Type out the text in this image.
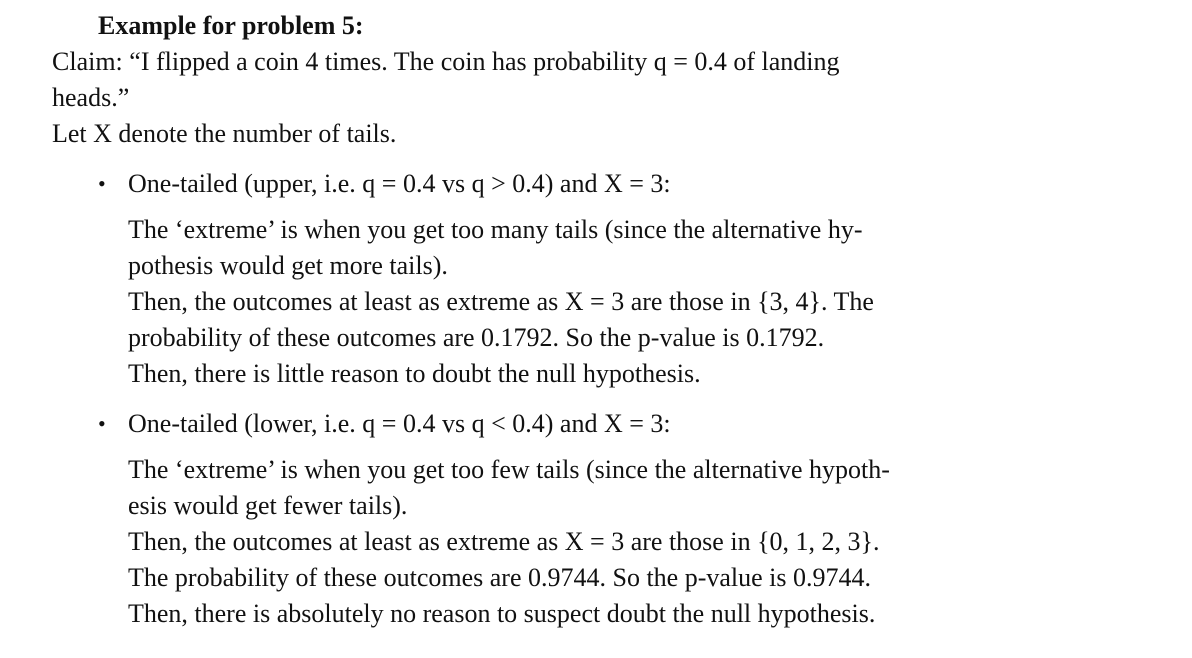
Example for problem 5:
Claim: “I flipped a coin 4 times. The coin has probability q = 0.4 of landing
heads.”
Let X denote the number of tails.
• One-tailed (upper, i.e. q = 0.4 vs q > 0.4) and X = 3:
The ‘extreme’ is when you get too many tails (since the alternative hy-
pothesis would get more tails).
Then, the outcomes at least as extreme as X = 3 are those in {3, 4}. The
probability of these outcomes are 0.1792. So the p-value is 0.1792.
Then, there is little reason to doubt the null hypothesis.
• One-tailed (lower, i.e. q = 0.4 vs q < 0.4) and X = 3:
The ‘extreme’ is when you get too few tails (since the alternative hypoth-
esis would get fewer tails).
Then, the outcomes at least as extreme as X = 3 are those in {0, 1, 2, 3}.
The probability of these outcomes are 0.9744. So the p-value is 0.9744.
Then, there is absolutely no reason to suspect doubt the null hypothesis.
